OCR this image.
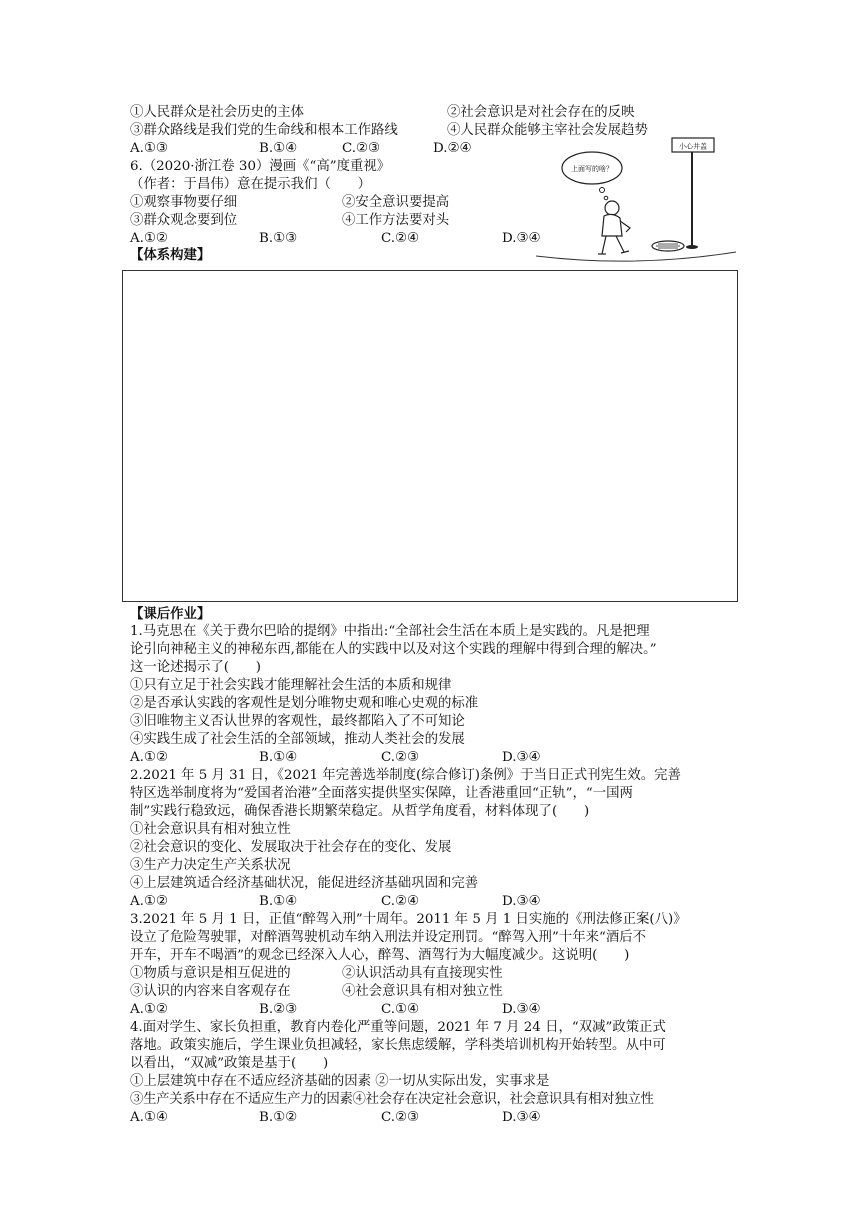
①人民群众是社会历史的主体	②社会意识是对社会存在的反映
③群众路线是我们党的生命线和根本工作路线	④人民群众能够主宰社会发展趋势
A.①③	B.①④	C.②③	D.②④
6.（2020·浙江卷 30）漫画《“高”度重视》
（作者：于昌伟）意在提示我们（　　）
①观察事物要仔细	②安全意识要提高
③群众观念要到位	④工作方法要对头
A.①②	B.①③	C.②④	D.③④
小心井盖
上面写的啥？
【体系构建】
【课后作业】
1.马克思在《关于费尔巴哈的提纲》中指出:“全部社会生活在本质上是实践的。凡是把理
论引向神秘主义的神秘东西,都能在人的实践中以及对这个实践的理解中得到合理的解决。”
这一论述揭示了(　　)
①只有立足于社会实践才能理解社会生活的本质和规律
②是否承认实践的客观性是划分唯物史观和唯心史观的标准
③旧唯物主义否认世界的客观性，最终都陷入了不可知论
④实践生成了社会生活的全部领域，推动人类社会的发展
A.①②	B.①④	C.②③	D.③④
2.2021 年 5 月 31 日，《2021 年完善选举制度(综合修订)条例》于当日正式刊宪生效。完善
特区选举制度将为“爱国者治港”全面落实提供坚实保障，让香港重回“正轨”，“一国两
制”实践行稳致远，确保香港长期繁荣稳定。从哲学角度看，材料体现了(　　)
①社会意识具有相对独立性
②社会意识的变化、发展取决于社会存在的变化、发展
③生产力决定生产关系状况
④上层建筑适合经济基础状况，能促进经济基础巩固和完善
A.①②	B.①④	C.②④	D.③④
3.2021 年 5 月 1 日，正值“醉驾入刑”十周年。2011 年 5 月 1 日实施的《刑法修正案(八)》
设立了危险驾驶罪，对醉酒驾驶机动车纳入刑法并设定刑罚。“醉驾入刑”十年来“酒后不
开车，开车不喝酒”的观念已经深入人心，醉驾、酒驾行为大幅度减少。这说明(　　)
①物质与意识是相互促进的	②认识活动具有直接现实性
③认识的内容来自客观存在	④社会意识具有相对独立性
A.①②	B.②③	C.①④	D.③④
4.面对学生、家长负担重，教育内卷化严重等问题，2021 年 7 月 24 日，“双减”政策正式
落地。政策实施后，学生课业负担减轻，家长焦虑缓解，学科类培训机构开始转型。从中可
以看出，“双减”政策是基于(　　)
①上层建筑中存在不适应经济基础的因素 ②一切从实际出发，实事求是
③生产关系中存在不适应生产力的因素④社会存在决定社会意识，社会意识具有相对独立性
A.①④	B.①②	C.②③	D.③④
